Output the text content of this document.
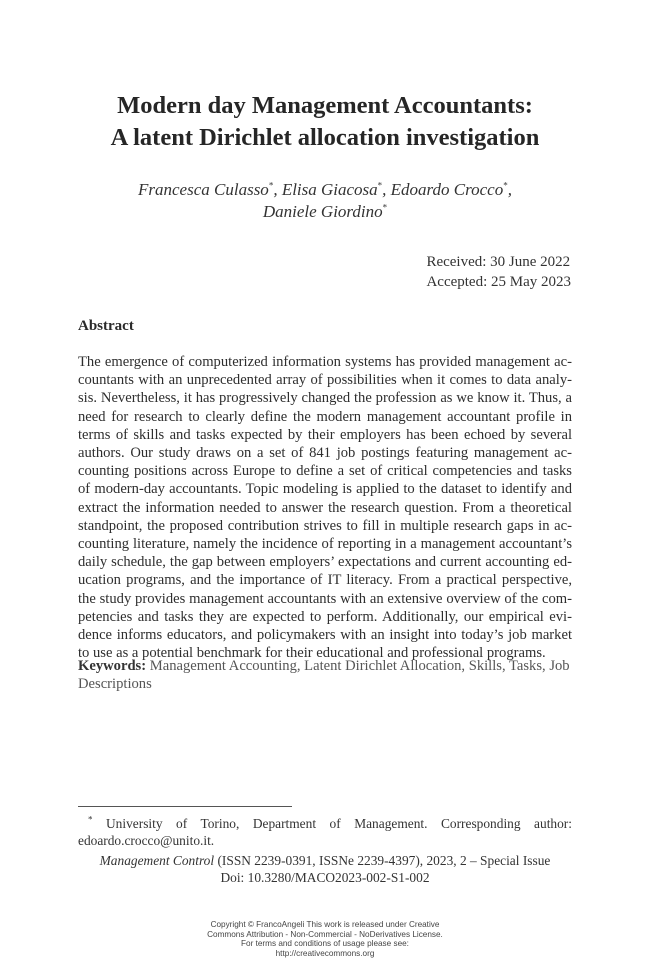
Modern day Management Accountants:
A latent Dirichlet allocation investigation
Francesca Culasso*, Elisa Giacosa*, Edoardo Crocco*,
Daniele Giordino*
Received: 30 June 2022
Accepted: 25 May 2023
Abstract

The emergence of computerized information systems has provided management accountants with an unprecedented array of possibilities when it comes to data analysis. Nevertheless, it has progressively changed the profession as we know it. Thus, a need for research to clearly define the modern management accountant profile in terms of skills and tasks expected by their employers has been echoed by several authors. Our study draws on a set of 841 job postings featuring management accounting positions across Europe to define a set of critical competencies and tasks of modern-day accountants. Topic modeling is applied to the dataset to identify and extract the information needed to answer the research question. From a theoretical standpoint, the proposed contribution strives to fill in multiple research gaps in accounting literature, namely the incidence of reporting in a management accountant’s daily schedule, the gap between employers’ expectations and current accounting education programs, and the importance of IT literacy. From a practical perspective, the study provides management accountants with an extensive overview of the competencies and tasks they are expected to perform. Additionally, our empirical evidence informs educators, and policymakers with an insight into today’s job market to use as a potential benchmark for their educational and professional programs.

Keywords: Management Accounting, Latent Dirichlet Allocation, Skills, Tasks, Job Descriptions

* University of Torino, Department of Management. Corresponding author: edoardo.crocco@unito.it.

Management Control (ISSN 2239-0391, ISSNe 2239-4397), 2023, 2 – Special Issue
Doi: 10.3280/MACO2023-002-S1-002
Copyright © FrancoAngeli This work is released under Creative
Commons Attribution - Non-Commercial - NoDerivatives License.
For terms and conditions of usage please see:
http://creativecommons.org
